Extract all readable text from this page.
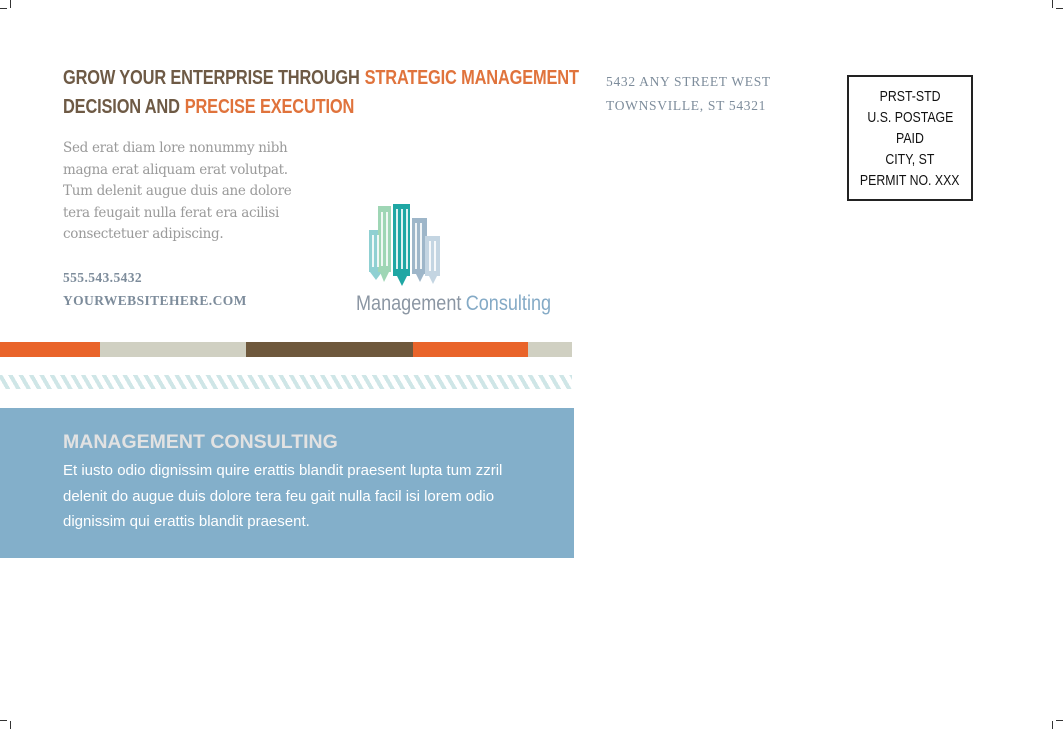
GROW YOUR ENTERPRISE THROUGH STRATEGIC MANAGEMENT
DECISION AND PRECISE EXECUTION
Sed erat diam lore nonummy nibh magna erat aliquam erat volutpat. Tum delenit augue duis ane dolore tera feugait nulla ferat era acilisi consectetuer adipiscing.
555.543.5432
YOURWEBSITEHERE.COM	Management Consulting
MANAGEMENT CONSULTING
Et iusto odio dignissim quire erattis blandit praesent lupta tum zzril delenit do augue duis dolore tera feu gait nulla facil isi lorem odio dignissim qui erattis blandit praesent.
5432 ANY STREET WEST
TOWNSVILLE, ST 54321
PRST-STD
U.S. POSTAGE
PAID
CITY, ST
PERMIT NO. XXX
